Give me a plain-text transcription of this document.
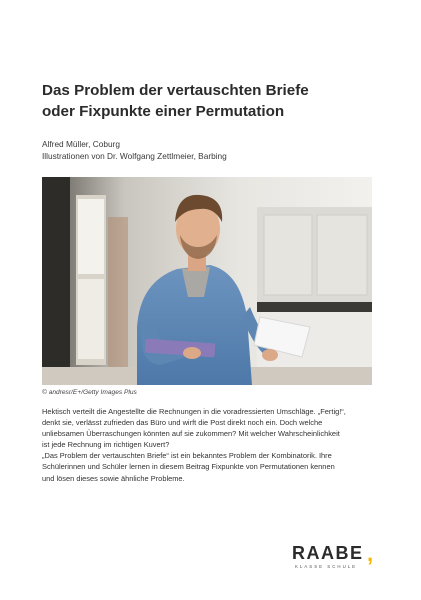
Das Problem der vertauschten Briefe
oder Fixpunkte einer Permutation
Alfred Müller, Coburg
Illustrationen von Dr. Wolfgang Zettlmeier, Barbing
© andresr/E+/Getty Images Plus
Hektisch verteilt die Angestellte die Rechnungen in die voradressierten Umschläge. „Fertig!“,
denkt sie, verlässt zufrieden das Büro und wirft die Post direkt noch ein. Doch welche
unliebsamen Überraschungen könnten auf sie zukommen? Mit welcher Wahrscheinlichkeit
ist jede Rechnung im richtigen Kuvert?
„Das Problem der vertauschten Briefe“ ist ein bekanntes Problem der Kombinatorik. Ihre
Schülerinnen und Schüler lernen in diesem Beitrag Fixpunkte von Permutationen kennen
und lösen dieses sowie ähnliche Probleme.
RAABE ,
KLASSE SCHULE
